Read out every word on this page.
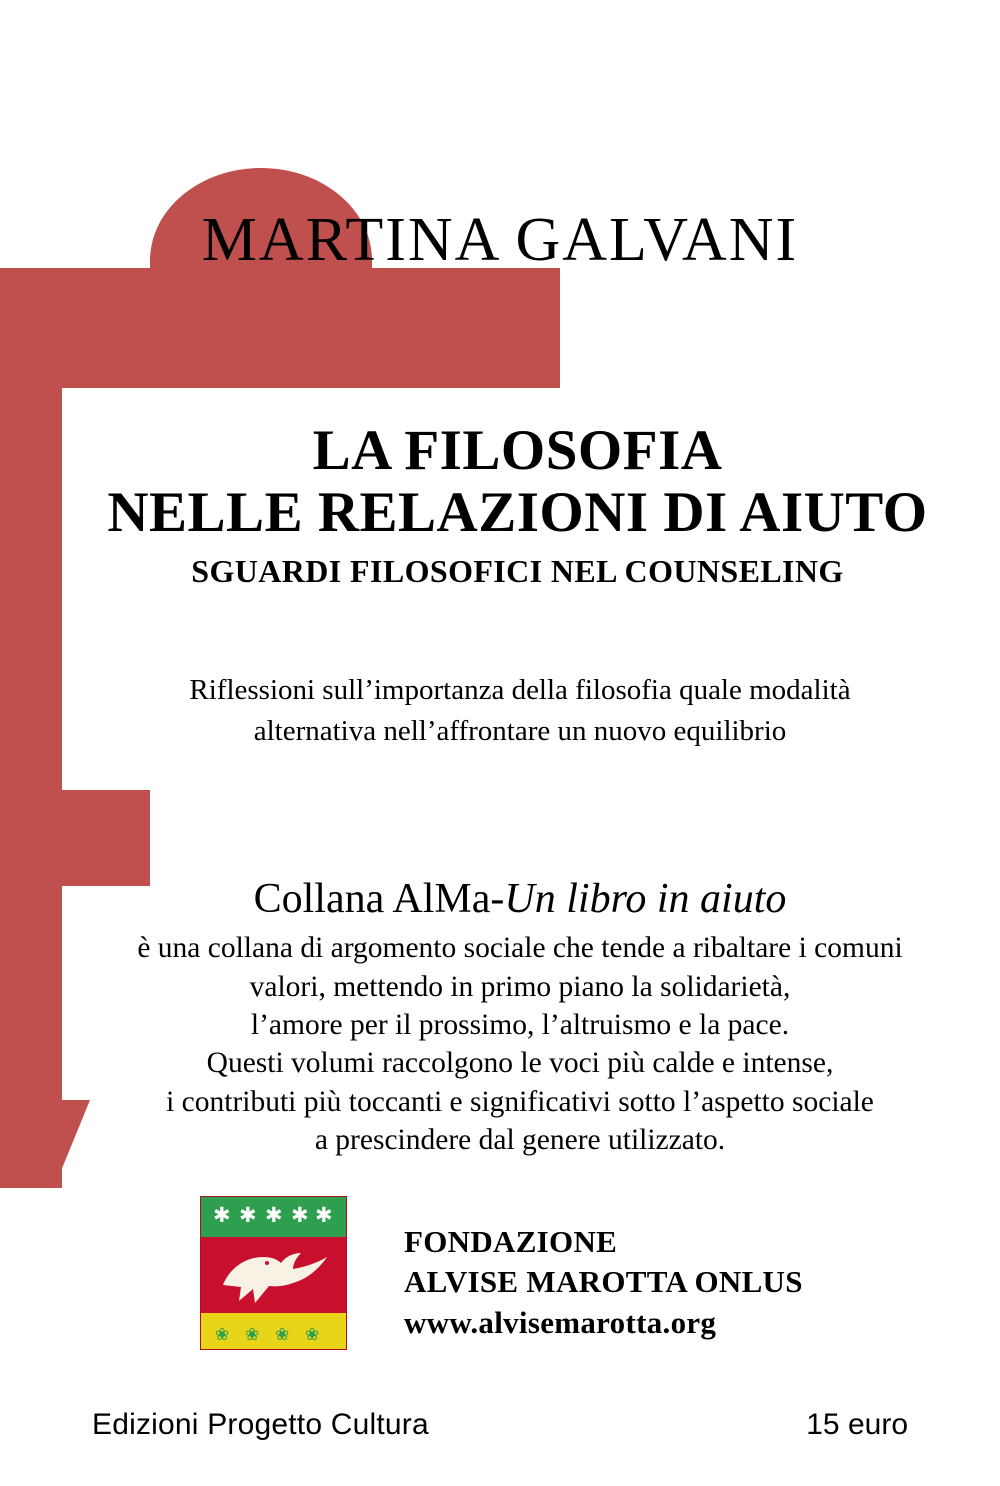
MARTINA GALVANI
LA FILOSOFIA
NELLE RELAZIONI DI AIUTO
SGUARDI FILOSOFICI NEL COUNSELING
Riflessioni sull’importanza della filosofia quale modalità
alternativa nell’affrontare un nuovo equilibrio
Collana AlMa-Un libro in aiuto
è una collana di argomento sociale che tende a ribaltare i comuni
valori, mettendo in primo piano la solidarietà,
l’amore per il prossimo, l’altruismo e la pace.
Questi volumi raccolgono le voci più calde e intense,
i contributi più toccanti e significativi sotto l’aspetto sociale
a prescindere dal genere utilizzato.
✱ ✱ ✱ ✱ ✱
❀ ❀ ❀ ❀
FONDAZIONE
ALVISE MAROTTA ONLUS
www.alvisemarotta.org
Edizioni Progetto Cultura	15 euro
